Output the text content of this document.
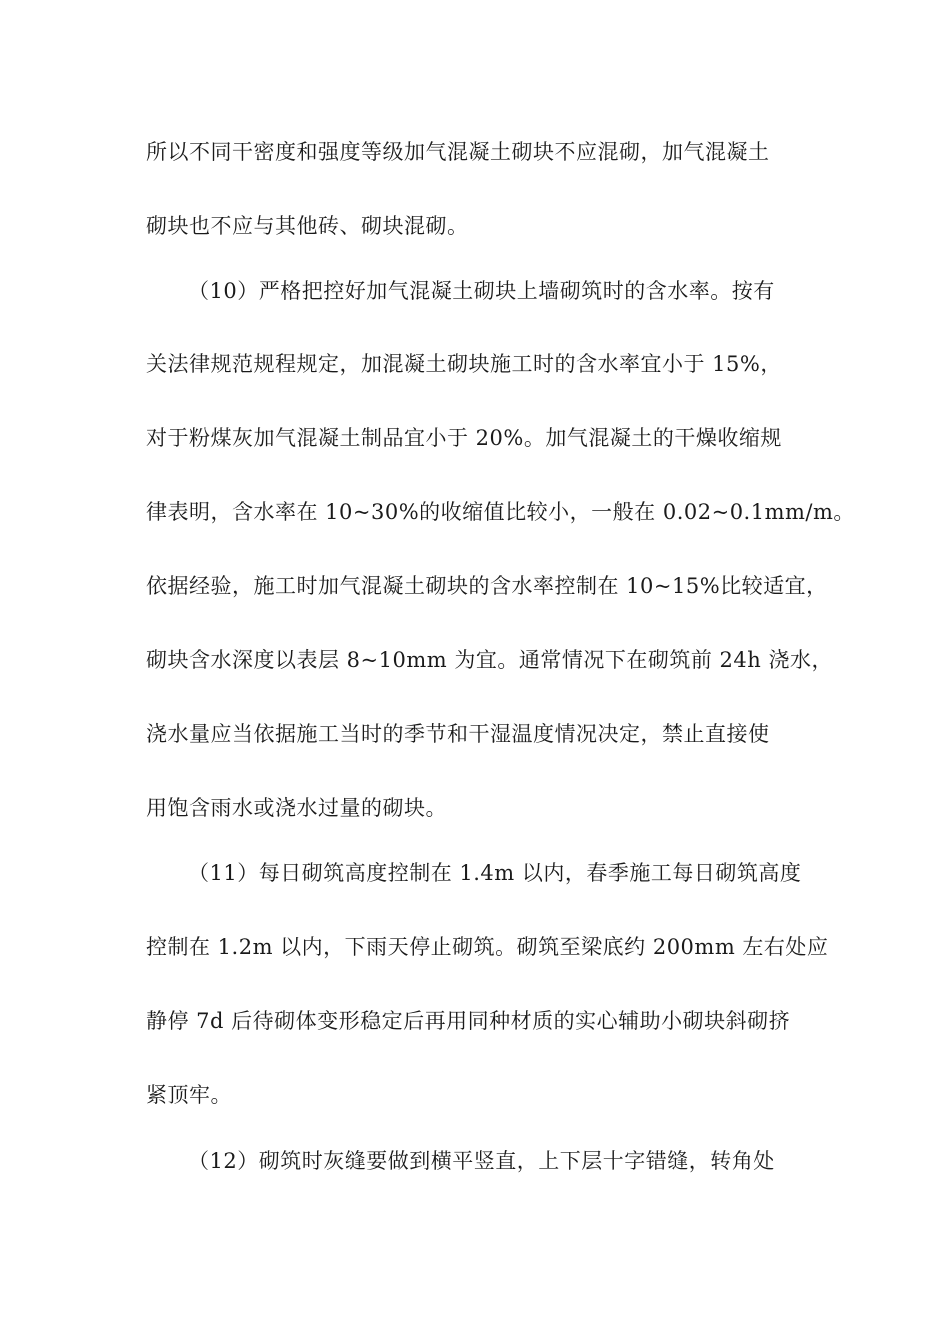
所以不同干密度和强度等级加气混凝土砌块不应混砌，加气混凝土

砌块也不应与其他砖、砌块混砌。

（10）严格把控好加气混凝土砌块上墙砌筑时的含水率。按有

关法律规范规程规定，加混凝土砌块施工时的含水率宜小于 15%，

对于粉煤灰加气混凝土制品宜小于 20%。加气混凝土的干燥收缩规

律表明，含水率在 10~30%的收缩值比较小，一般在 0.02~0.1mm/m。

依据经验，施工时加气混凝土砌块的含水率控制在 10~15%比较适宜，

砌块含水深度以表层 8~10mm 为宜。通常情况下在砌筑前 24h 浇水，

浇水量应当依据施工当时的季节和干湿温度情况决定，禁止直接使

用饱含雨水或浇水过量的砌块。

（11）每日砌筑高度控制在 1.4m 以内，春季施工每日砌筑高度

控制在 1.2m 以内，下雨天停止砌筑。砌筑至梁底约 200mm 左右处应

静停 7d 后待砌体变形稳定后再用同种材质的实心辅助小砌块斜砌挤

紧顶牢。

（12）砌筑时灰缝要做到横平竖直，上下层十字错缝，转角处
